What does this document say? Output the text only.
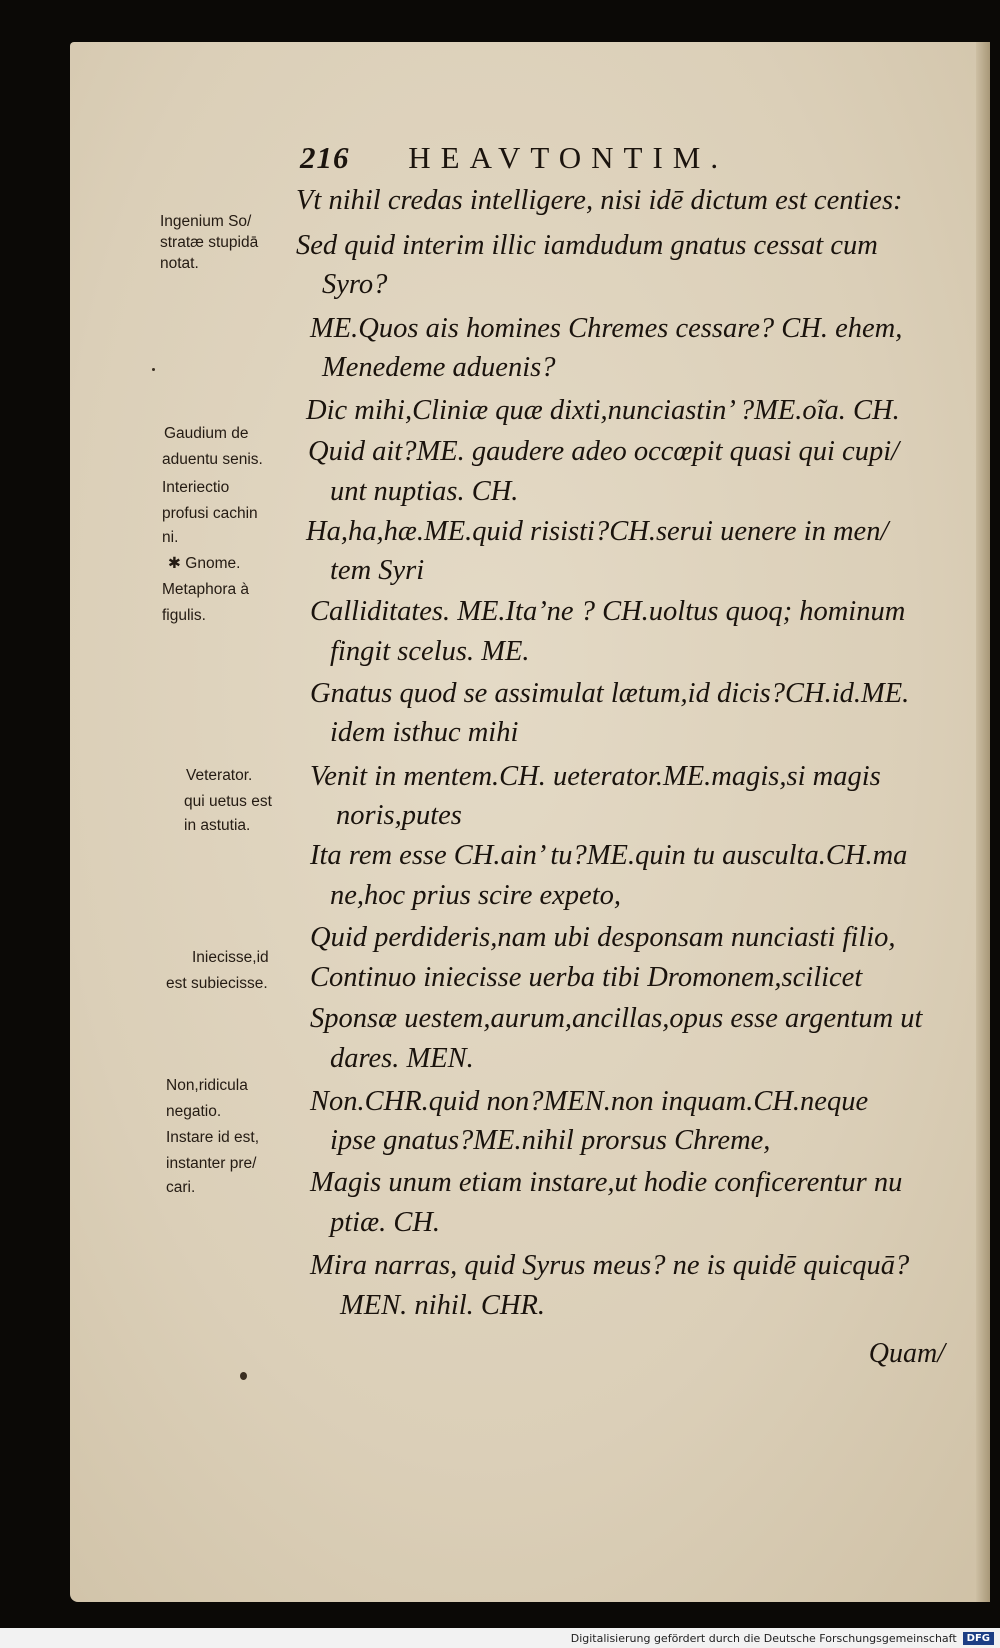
216 HEAVTONTIM.
Vt nihil credas intelligere, nisi idē dictum est centies:
Sed quid interim illic iamdudum gnatus cessat cum
Syro?
ME.Quos ais homines Chremes cessare? CH. ehem,
Menedeme aduenis?
Dic mihi,Cliniæ quæ dixti,nunciastin’ ?ME.oĩa. CH.
Quid ait?ME. gaudere adeo occœpit quasi qui cupi/
unt nuptias. CH.
Ha,ha,hæ.ME.quid risisti?CH.serui uenere in men/
tem Syri
Calliditates. ME.Ita’ne ? CH.uoltus quoq; hominum
fingit scelus. ME.
Gnatus quod se assimulat lætum,id dicis?CH.id.ME.
idem isthuc mihi
Venit in mentem.CH. ueterator.ME.magis,si magis
noris,putes
Ita rem esse CH.ain’ tu?ME.quin tu ausculta.CH.ma
ne,hoc prius scire expeto,
Quid perdideris,nam ubi desponsam nunciasti filio,
Continuo iniecisse uerba tibi Dromonem,scilicet
Sponsæ uestem,aurum,ancillas,opus esse argentum ut
dares. MEN.
Non.CHR.quid non?MEN.non inquam.CH.neque
ipse gnatus?ME.nihil prorsus Chreme,
Magis unum etiam instare,ut hodie conficerentur nu
ptiæ. CH.
Mira narras, quid Syrus meus? ne is quidē quicquā?
MEN. nihil. CHR.
Quam/
Ingenium So/
stratæ stupidā
notat.
Gaudium de
aduentu senis.
Interiectio
profusi cachin
ni.
✱ Gnome.
Metaphora à
figulis.
Veterator.
qui uetus est
in astutia.
Iniecisse,id
est subiecisse.
Non,ridicula
negatio.
Instare id est,
instanter pre/
cari.
Digitalisierung gefördert durch die Deutsche Forschungsgemeinschaft	DFG
